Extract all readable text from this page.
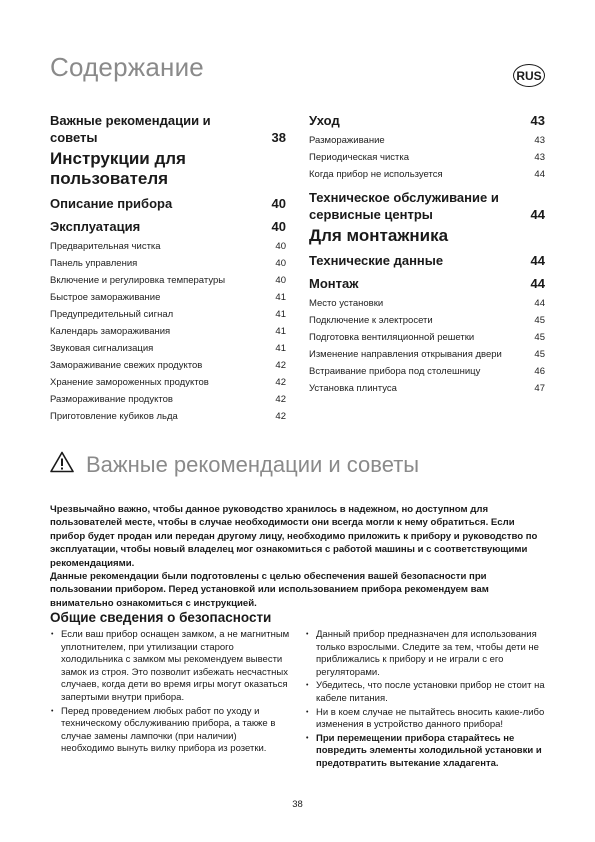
Содержание	RUS
Важные рекомендации и советы	38
Инструкции для пользователя
Описание прибора	40
Эксплуатация	40
Предварительная чистка	40
Панель управления	40
Включение и регулировка температуры	40
Быстрое замораживание	41
Предупредительный сигнал	41
Календарь замораживания	41
Звуковая сигнализация	41
Замораживание свежих продуктов	42
Хранение замороженных продуктов	42
Размораживание продуктов	42
Приготовление кубиков льда	42
Уход	43
Размораживание	43
Периодическая чистка	43
Когда прибор не используется	44
Техническое обслуживание и сервисные центры	44
Для монтажника
Технические данные	44
Монтаж	44
Место установки	44
Подключение к электросети	45
Подготовка вентиляционной решетки	45
Изменение направления открывания двери	45
Встраивание прибора под столешницу	46
Установка плинтуса	47
Важные рекомендации и советы

Чрезвычайно важно, чтобы данное руководство хранилось в надежном, но доступном для пользователей месте, чтобы в случае необходимости они всегда могли к нему обратиться. Если прибор будет продан или передан другому лицу, необходимо приложить к прибору и руководство по эксплуатации, чтобы новый владелец мог ознакомиться с работой машины и с соответствующими рекомендациями.

Данные рекомендации были подготовлены с целью обеспечения вашей безопасности при пользовании прибором. Перед установкой или использованием прибора рекомендуем вам внимательно ознакомиться с инструкцией.

Общие сведения о безопасности
• Если ваш прибор оснащен замком, а не магнитным уплотнителем, при утилизации старого холодильника с замком мы рекомендуем вывести замок из строя. Это позволит избежать несчастных случаев, когда дети во время игры могут оказаться запертыми внутри прибора.
• Перед проведением любых работ по уходу и техническому обслуживанию прибора, а также в случае замены лампочки (при наличии) необходимо вынуть вилку прибора из розетки.
• Данный прибор предназначен для использования только взрослыми. Следите за тем, чтобы дети не приближались к прибору и не играли с его регуляторами.
• Убедитесь, что после установки прибор не стоит на кабеле питания.
• Ни в коем случае не пытайтесь вносить какие-либо изменения в устройство данного прибора!
• При перемещении прибора старайтесь не повредить элементы холодильной установки и предотвратить вытекание хладагента.
38
